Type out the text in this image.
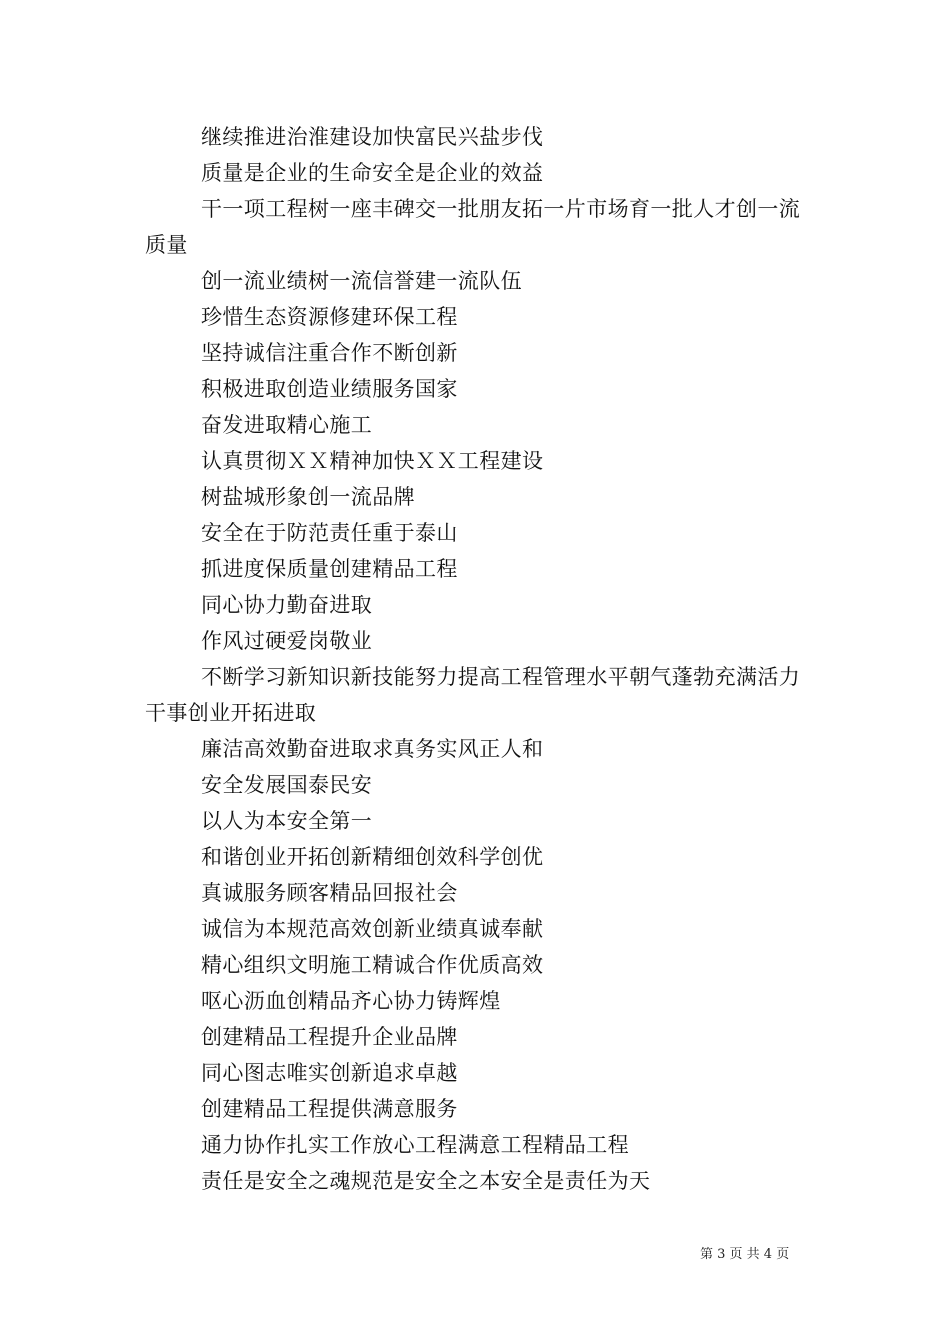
继续推进治淮建设加快富民兴盐步伐

质量是企业的生命安全是企业的效益

干一项工程树一座丰碑交一批朋友拓一片市场育一批人才创一流质量

创一流业绩树一流信誉建一流队伍

珍惜生态资源修建环保工程

坚持诚信注重合作不断创新

积极进取创造业绩服务国家

奋发进取精心施工

认真贯彻ＸＸ精神加快ＸＸ工程建设

树盐城形象创一流品牌

安全在于防范责任重于泰山

抓进度保质量创建精品工程

同心协力勤奋进取

作风过硬爱岗敬业

不断学习新知识新技能努力提高工程管理水平朝气蓬勃充满活力干事创业开拓进取

廉洁高效勤奋进取求真务实风正人和

安全发展国泰民安

以人为本安全第一

和谐创业开拓创新精细创效科学创优

真诚服务顾客精品回报社会

诚信为本规范高效创新业绩真诚奉献

精心组织文明施工精诚合作优质高效

呕心沥血创精品齐心协力铸辉煌

创建精品工程提升企业品牌

同心图志唯实创新追求卓越

创建精品工程提供满意服务

通力协作扎实工作放心工程满意工程精品工程

责任是安全之魂规范是安全之本安全是责任为天

第 3 页 共 4 页
